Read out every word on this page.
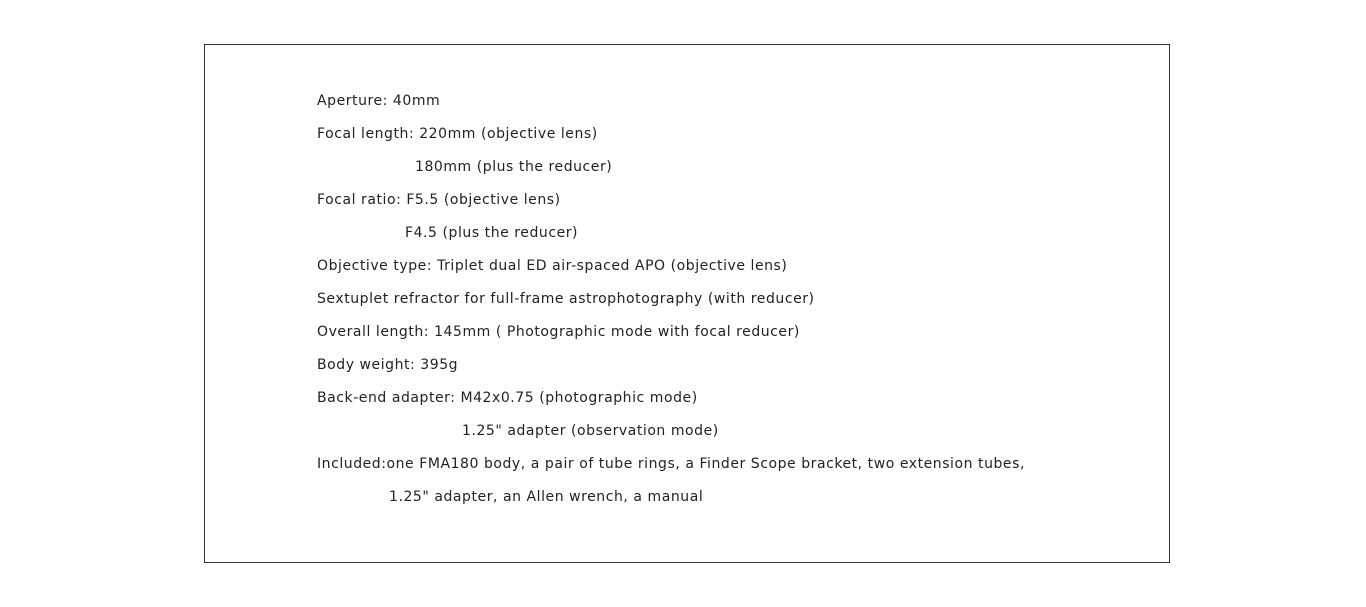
Aperture: 40mm
Focal length: 220mm (objective lens)
180mm (plus the reducer)
Focal ratio: F5.5 (objective lens)
F4.5 (plus the reducer)
Objective type: Triplet dual ED air-spaced APO (objective lens)
Sextuplet refractor for full-frame astrophotography (with reducer)
Overall length: 145mm ( Photographic mode with focal reducer)
Body weight: 395g
Back-end adapter: M42x0.75 (photographic mode)
1.25" adapter (observation mode)
Included:one FMA180 body, a pair of tube rings, a Finder Scope bracket, two extension tubes,
1.25" adapter, an Allen wrench, a manual
